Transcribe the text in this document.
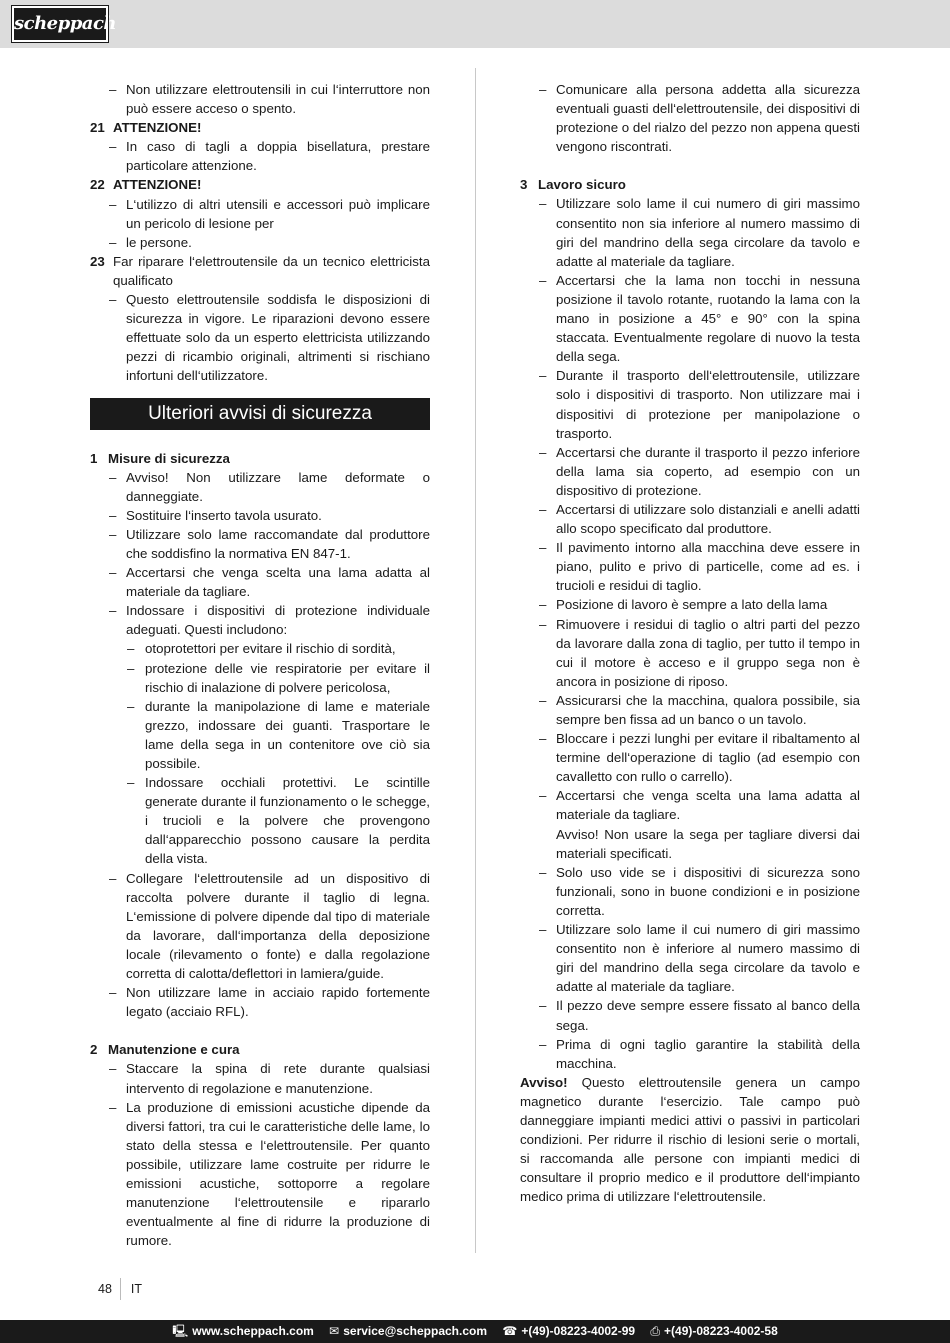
scheppach
– Non utilizzare elettroutensili in cui l‘interruttore non può essere acceso o spento.
21 ATTENZIONE!
– In caso di tagli a doppia bisellatura, prestare particolare attenzione.
22 ATTENZIONE!
– L‘utilizzo di altri utensili e accessori può implicare un pericolo di lesione per
– le persone.
23 Far riparare l‘elettroutensile da un tecnico elettricista qualificato
– Questo elettroutensile soddisfa le disposizioni di sicurezza in vigore. Le riparazioni devono essere effettuate solo da un esperto elettricista utilizzando pezzi di ricambio originali, altrimenti si rischiano infortuni dell‘utilizzatore.
Ulteriori avvisi di sicurezza
1 Misure di sicurezza
– Avviso! Non utilizzare lame deformate o danneggiate.
– Sostituire l‘inserto tavola usurato.
– Utilizzare solo lame raccomandate dal produttore che soddisfino la normativa EN 847-1.
– Accertarsi che venga scelta una lama adatta al materiale da tagliare.
– Indossare i dispositivi di protezione individuale adeguati. Questi includono:
– otoprotettori per evitare il rischio di sordità,
– protezione delle vie respiratorie per evitare il rischio di inalazione di polvere pericolosa,
– durante la manipolazione di lame e materiale grezzo, indossare dei guanti. Trasportare le lame della sega in un contenitore ove ciò sia possibile.
– Indossare occhiali protettivi. Le scintille generate durante il funzionamento o le schegge, i trucioli e la polvere che provengono dall‘apparecchio possono causare la perdita della vista.
– Collegare l‘elettroutensile ad un dispositivo di raccolta polvere durante il taglio di legna. L‘emissione di polvere dipende dal tipo di materiale da lavorare, dall‘importanza della deposizione locale (rilevamento o fonte) e dalla regolazione corretta di calotta/deflettori in lamiera/guide.
– Non utilizzare lame in acciaio rapido fortemente legato (acciaio RFL).
2 Manutenzione e cura
– Staccare la spina di rete durante qualsiasi intervento di regolazione e manutenzione.
– La produzione di emissioni acustiche dipende da diversi fattori, tra cui le caratteristiche delle lame, lo stato della stessa e l‘elettroutensile. Per quanto possibile, utilizzare lame costruite per ridurre le emissioni acustiche, sottoporre a regolare manutenzione l‘elettroutensile e ripararlo eventualmente al fine di ridurre la produzione di rumore.
– Comunicare alla persona addetta alla sicurezza eventuali guasti dell‘elettroutensile, dei dispositivi di protezione o del rialzo del pezzo non appena questi vengono riscontrati.
3 Lavoro sicuro
– Utilizzare solo lame il cui numero di giri massimo consentito non sia inferiore al numero massimo di giri del mandrino della sega circolare da tavolo e adatte al materiale da tagliare.
– Accertarsi che la lama non tocchi in nessuna posizione il tavolo rotante, ruotando la lama con la mano in posizione a 45° e 90° con la spina staccata. Eventualmente regolare di nuovo la testa della sega.
– Durante il trasporto dell‘elettroutensile, utilizzare solo i dispositivi di trasporto. Non utilizzare mai i dispositivi di protezione per manipolazione o trasporto.
– Accertarsi che durante il trasporto il pezzo inferiore della lama sia coperto, ad esempio con un dispositivo di protezione.
– Accertarsi di utilizzare solo distanziali e anelli adatti allo scopo specificato dal produttore.
– Il pavimento intorno alla macchina deve essere in piano, pulito e privo di particelle, come ad es. i trucioli e residui di taglio.
– Posizione di lavoro è sempre a lato della lama
– Rimuovere i residui di taglio o altri parti del pezzo da lavorare dalla zona di taglio, per tutto il tempo in cui il motore è acceso e il gruppo sega non è ancora in posizione di riposo.
– Assicurarsi che la macchina, qualora possibile, sia sempre ben fissa ad un banco o un tavolo.
– Bloccare i pezzi lunghi per evitare il ribaltamento al termine dell‘operazione di taglio (ad esempio con cavalletto con rullo o carrello).
– Accertarsi che venga scelta una lama adatta al materiale da tagliare.
Avviso! Non usare la sega per tagliare diversi dai materiali specificati.
– Solo uso vide se i dispositivi di sicurezza sono funzionali, sono in buone condizioni e in posizione corretta.
– Utilizzare solo lame il cui numero di giri massimo consentito non è inferiore al numero massimo di giri del mandrino della sega circolare da tavolo e adatte al materiale da tagliare.
– Il pezzo deve sempre essere fissato al banco della sega.
– Prima di ogni taglio garantire la stabilità della macchina.
Avviso! Questo elettroutensile genera un campo magnetico durante l‘esercizio. Tale campo può danneggiare impianti medici attivi o passivi in particolari condizioni. Per ridurre il rischio di lesioni serie o mortali, si raccomanda alle persone con impianti medici di consultare il proprio medico e il produttore dell‘impianto medico prima di utilizzare l‘elettroutensile.
48 IT
🖳 www.scheppach.com ✉ service@scheppach.com ☎ +(49)-08223-4002-99 ⎙ +(49)-08223-4002-58
